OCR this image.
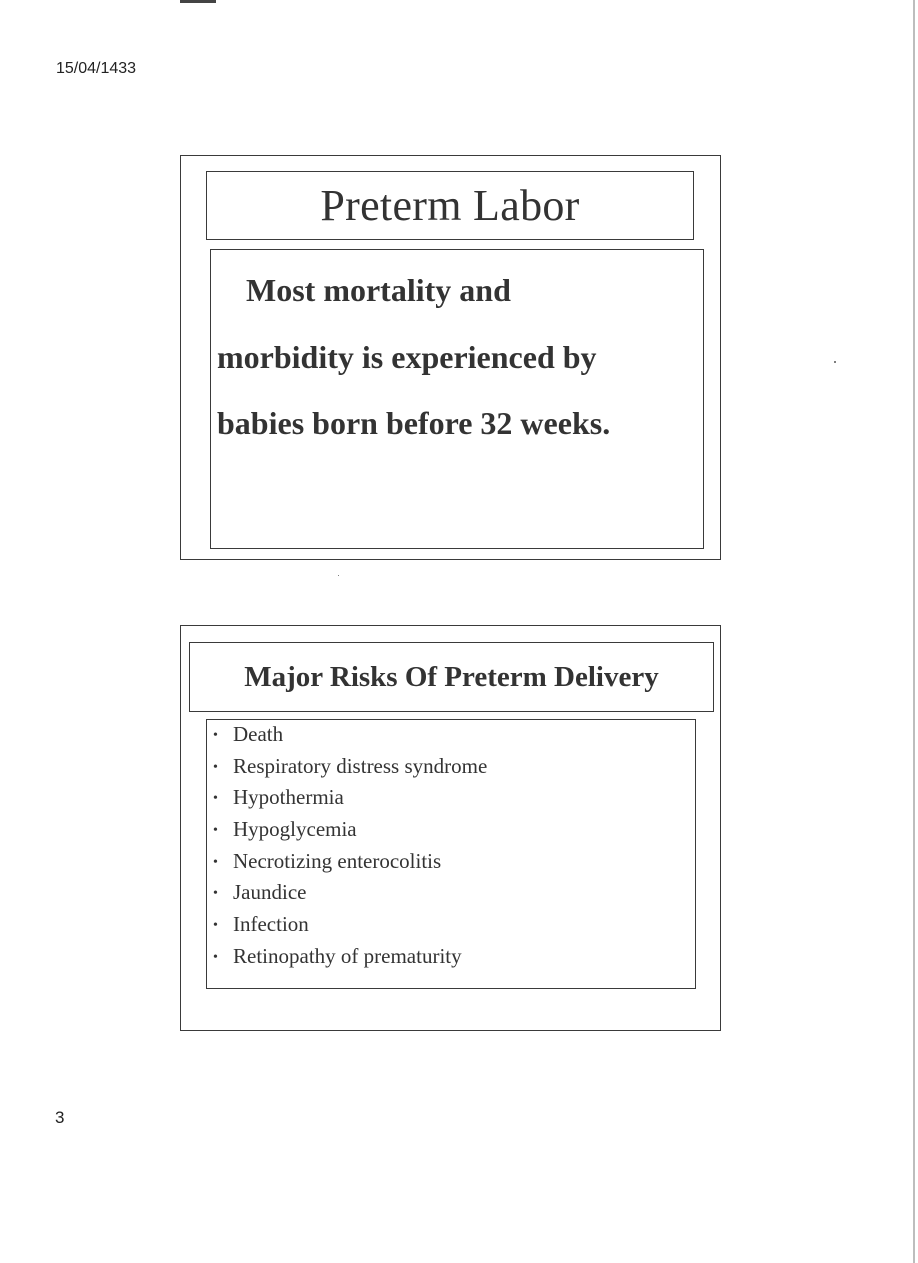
15/04/1433
Preterm Labor
Most mortality and
morbidity is experienced by
babies born before 32 weeks.
Major Risks Of Preterm Delivery
• Death
• Respiratory distress syndrome
• Hypothermia
• Hypoglycemia
• Necrotizing enterocolitis
• Jaundice
• Infection
• Retinopathy of prematurity
3
